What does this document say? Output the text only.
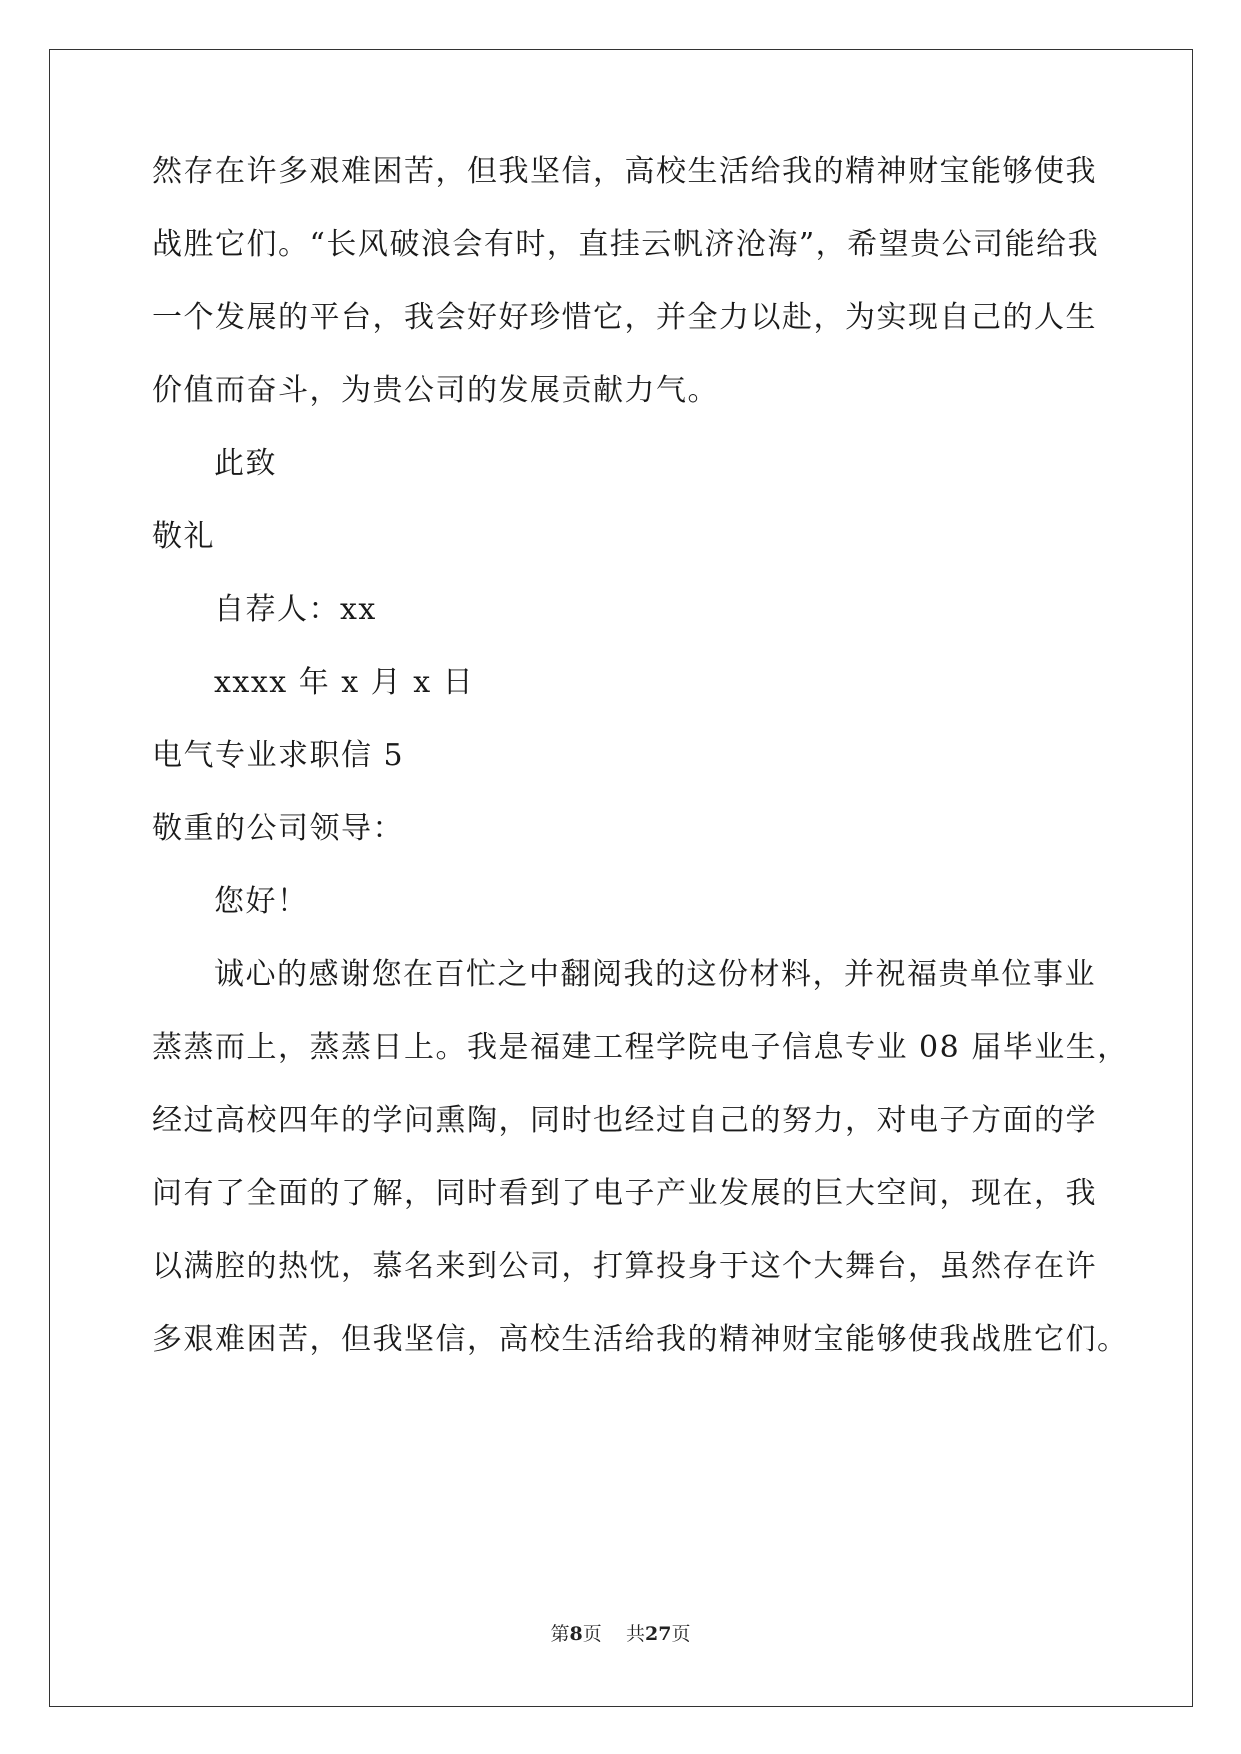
然存在许多艰难困苦，但我坚信，高校生活给我的精神财宝能够使我
战胜它们。“长风破浪会有时，直挂云帆济沧海”，希望贵公司能给我
一个发展的平台，我会好好珍惜它，并全力以赴，为实现自己的人生
价值而奋斗，为贵公司的发展贡献力气。
此致
敬礼
自荐人：xx
xxxx 年 x 月 x 日
电气专业求职信 5
敬重的公司领导：
您好！
诚心的感谢您在百忙之中翻阅我的这份材料，并祝福贵单位事业
蒸蒸而上，蒸蒸日上。我是福建工程学院电子信息专业 08 届毕业生，
经过高校四年的学问熏陶，同时也经过自己的努力，对电子方面的学
问有了全面的了解，同时看到了电子产业发展的巨大空间，现在，我
以满腔的热忱，慕名来到公司，打算投身于这个大舞台，虽然存在许
多艰难困苦，但我坚信，高校生活给我的精神财宝能够使我战胜它们。
第8页 共27页
